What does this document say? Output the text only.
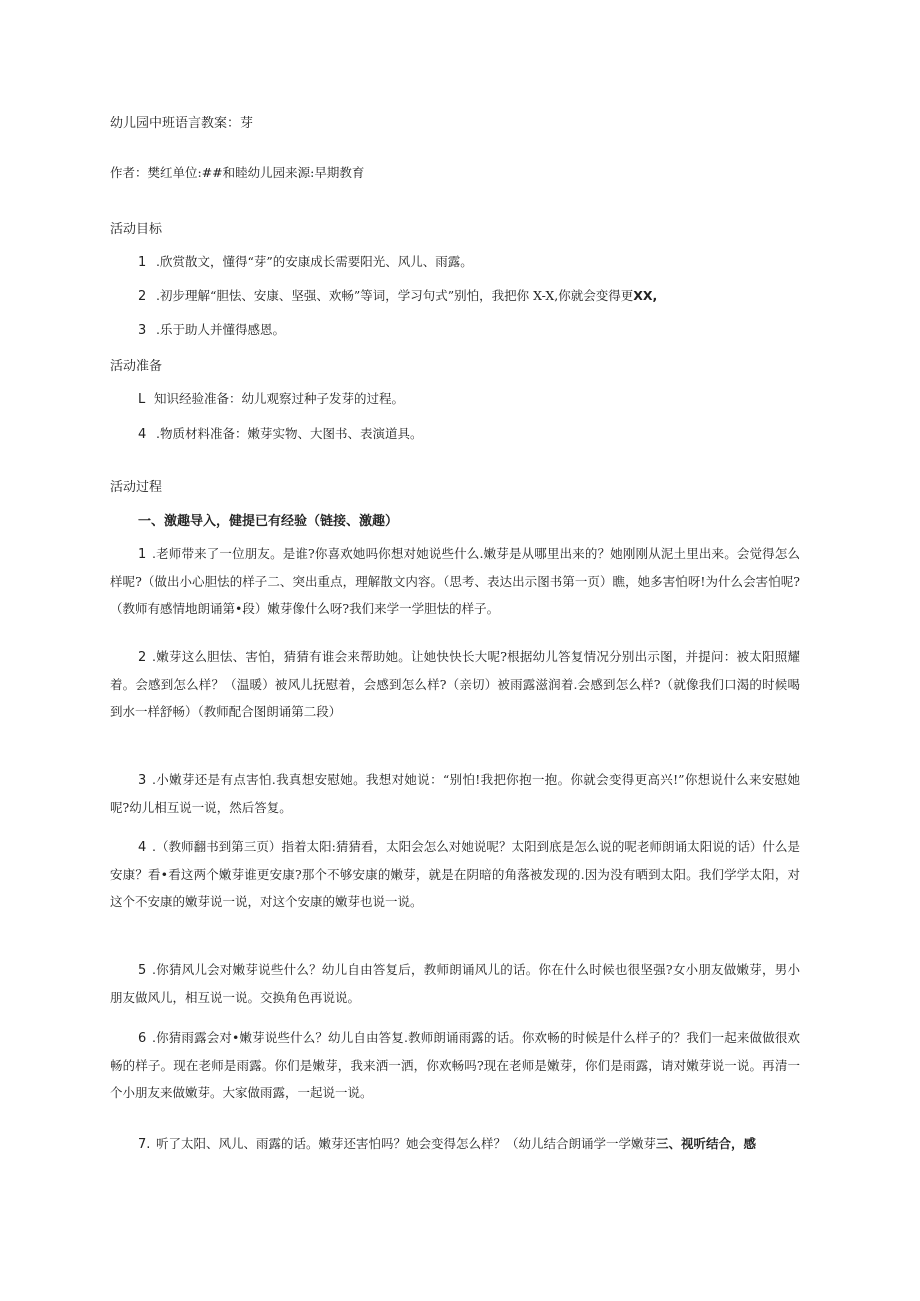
幼儿园中班语言教案：芽
作者：樊红单位:##和睦幼儿园来源:早期教育
活动目标
1 .欣赏散文，懂得“芽”的安康成长需要阳光、风儿、雨露。
2 .初步理解“胆怯、安康、坚强、欢畅”等词，学习句式”别怕，我把你 X-X,你就会变得更XX,
3 .乐于助人并懂得感恩。
活动准备
L 知识经验准备：幼儿观察过种子发芽的过程。
4 .物质材料准备：嫩芽实物、大图书、表演道具。
活动过程
一、激趣导入，健提已有经验（链接、激趣）
1 .老师带来了一位朋友。是谁?你喜欢她吗你想对她说些什么.嫩芽是从哪里出来的？她刚刚从泥土里出来。会觉得怎么样呢?（做出小心胆怯的样子二、突出重点，理解散文内容。（思考、表达出示图书第一页）瞧，她多害怕呀!为什么会害怕呢?（教师有感情地朗诵第•段）嫩芽像什么呀?我们来学一学胆怯的样子。
2 .嫩芽这么胆怯、害怕，猜猜有谁会来帮助她。让她快快长大呢?根据幼儿答复情况分别出示图，并提问：被太阳照耀着。会感到怎么样？（温暖）被风儿抚慰着，会感到怎么样?（亲切）被雨露滋润着.会感到怎么样?（就像我们口渴的时候喝到水一样舒畅）（教师配合图朗诵第二段）
3 .小嫩芽还是有点害怕.我真想安慰她。我想对她说：“别怕!我把你抱一抱。你就会变得更高兴!”你想说什么来安慰她呢?幼儿相互说一说，然后答复。
4 .（教师翻书到第三页）指着太阳:猜猜看，太阳会怎么对她说呢？太阳到底是怎么说的呢老师朗诵太阳说的话）什么是安康？看•看这两个嫩芽谁更安康?那个不够安康的嫩芽，就是在阴暗的角落被发现的.因为没有晒到太阳。我们学学太阳，对这个不安康的嫩芽说一说，对这个安康的嫩芽也说一说。
5 .你猜风儿会对嫩芽说些什么？幼儿自由答复后，教师朗诵风儿的话。你在什么时候也很坚强?女小朋友做嫩芽，男小朋友做风儿，相互说一说。交换角色再说说。
6 .你猜雨露会对•嫩芽说些什么？幼儿自由答复.教师朗诵雨露的话。你欢畅的时候是什么样子的？我们一起来做做很欢畅的样子。现在老师是雨露。你们是嫩芽，我来洒一洒，你欢畅吗?现在老师是嫩芽，你们是雨露，请对嫩芽说一说。再清一个小朋友来做嫩芽。大家做雨露，一起说一说。
7. 听了太阳、风儿、雨露的话。嫩芽还害怕吗？她会变得怎么样？（幼儿结合朗诵学一学嫩芽三、视听结合，感
